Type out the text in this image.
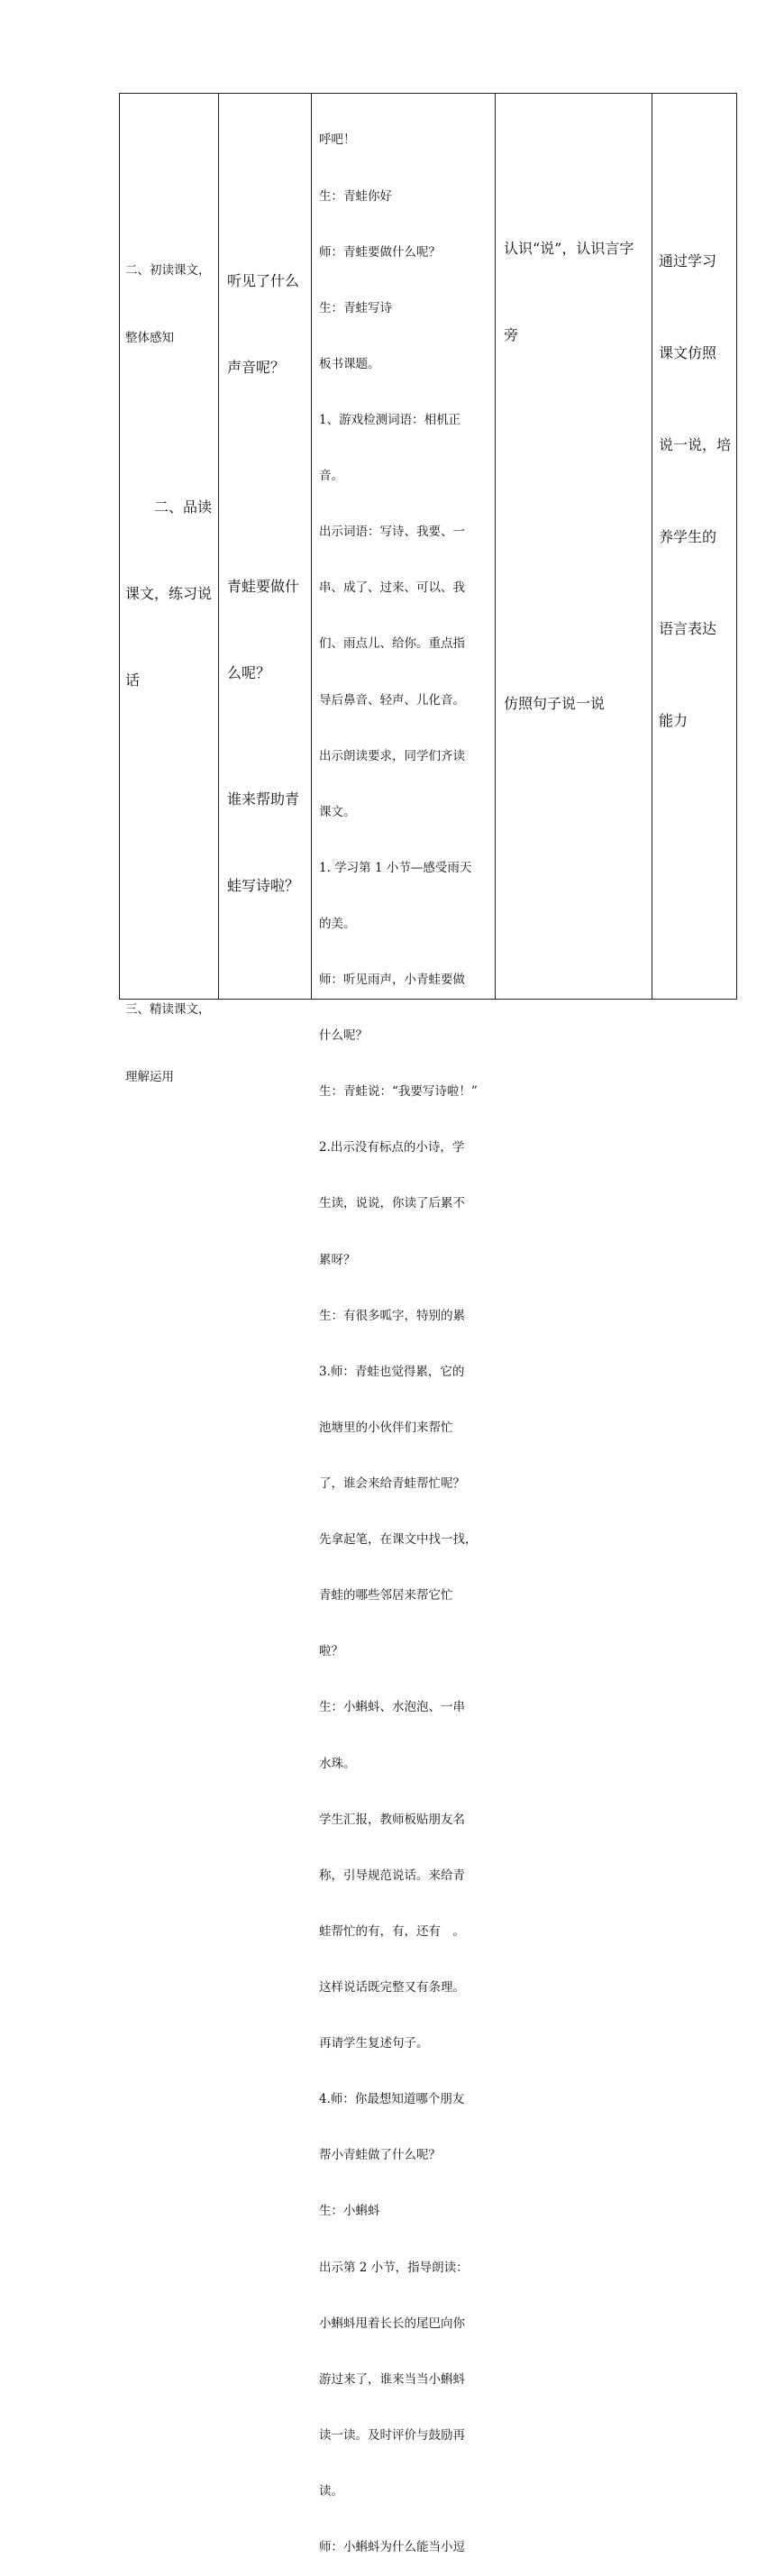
二、初读课文，

整体感知

　　二、品读

课文，练习说

话

三、精读课文，

理解运用

听见了什么

声音呢？

青蛙要做什

么呢？

谁来帮助青

蛙写诗啦？

呼吧！

生：青蛙你好

师：青蛙要做什么呢？

生：青蛙写诗

板书课题。

1、游戏检测词语：相机正

音。

出示词语：写诗、我要、一

串、成了、过来、可以、我

们、雨点儿、给你。重点指

导后鼻音、轻声、儿化音。

出示朗读要求，同学们齐读

课文。

1. 学习第 1 小节—感受雨天

的美。

师：听见雨声，小青蛙要做

什么呢？

生：青蛙说：“我要写诗啦！”

2.出示没有标点的小诗，学

生读，说说，你读了后累不

累呀？

生：有很多呱字，特别的累

3.师：青蛙也觉得累，它的

池塘里的小伙伴们来帮忙

了，谁会来给青蛙帮忙呢？

先拿起笔，在课文中找一找，

青蛙的哪些邻居来帮它忙

啦？

生：小蝌蚪、水泡泡、一串

水珠。

学生汇报，教师板贴朋友名

称，引导规范说话。来给青

蛙帮忙的有，有，还有　。

这样说话既完整又有条理。

再请学生复述句子。

4.师：你最想知道哪个朋友

帮小青蛙做了什么呢？

生：小蝌蚪

出示第 2 小节，指导朗读：

小蝌蚪甩着长长的尾巴向你

游过来了，谁来当当小蝌蚪

读一读。及时评价与鼓励再

读。

师：小蝌蚪为什么能当小逗

认识“说”，认识言字

旁

仿照句子说一说

通过学习

课文仿照

说一说，培

养学生的

语言表达

能力
